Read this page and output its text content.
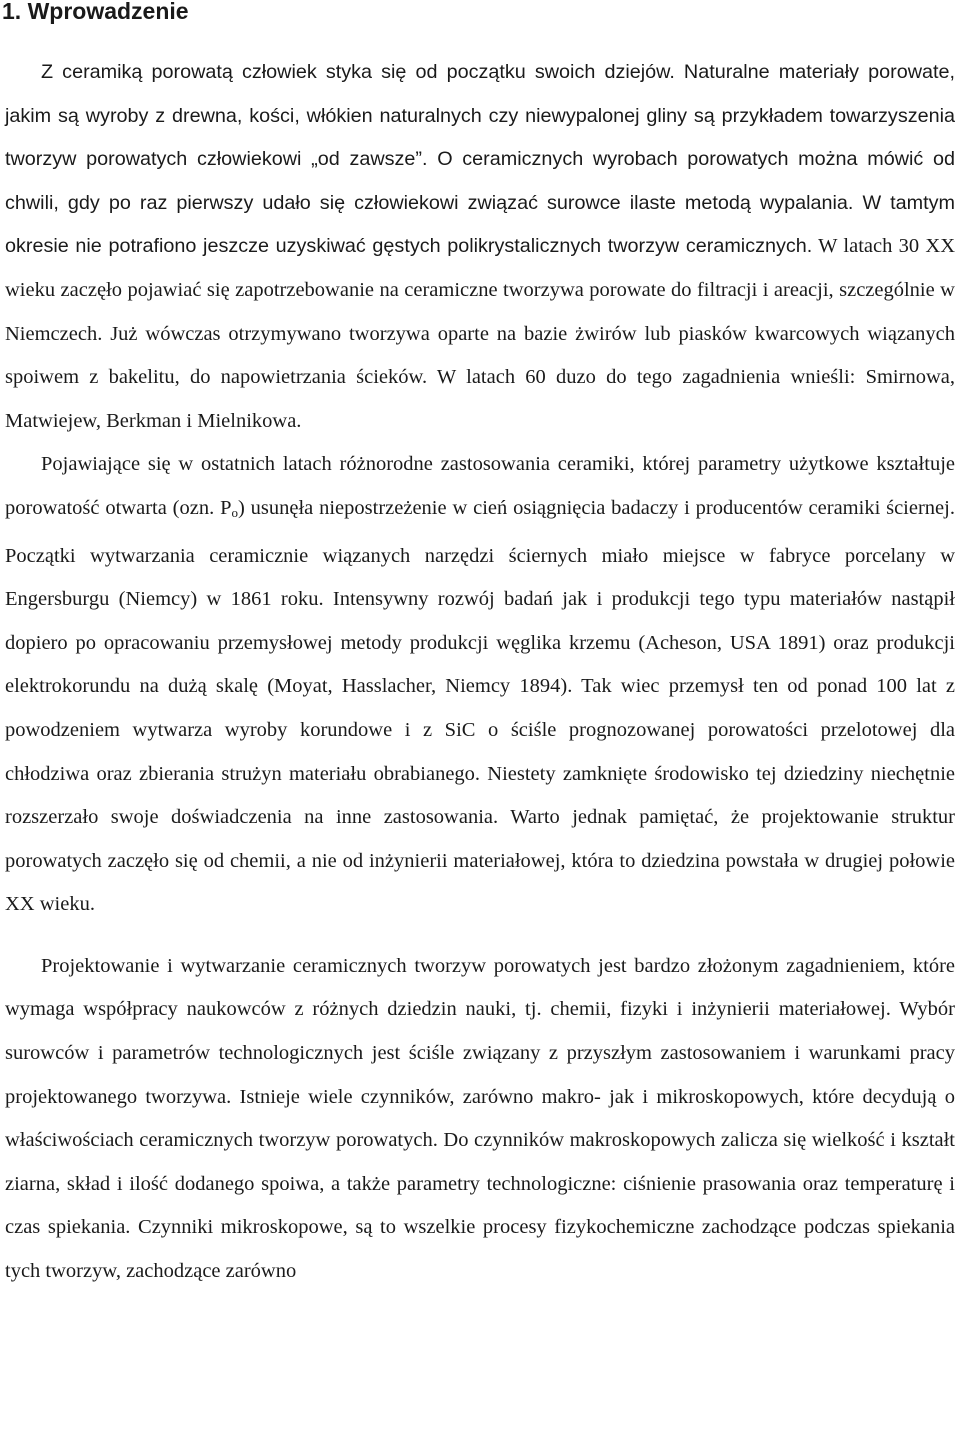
1. Wprowadzenie

Z ceramiką porowatą człowiek styka się od początku swoich dziejów. Naturalne materiały porowate, jakim są wyroby z drewna, kości, włókien naturalnych czy niewypalonej gliny są przykładem towarzyszenia tworzyw porowatych człowiekowi „od zawsze”. O ceramicznych wyrobach porowatych można mówić od chwili, gdy po raz pierwszy udało się człowiekowi związać surowce ilaste metodą wypalania. W tamtym okresie nie potrafiono jeszcze uzyskiwać gęstych polikrystalicznych tworzyw ceramicznych. W latach 30 XX wieku zaczęło pojawiać się zapotrzebowanie na ceramiczne tworzywa porowate do filtracji i areacji, szczególnie w Niemczech. Już wówczas otrzymywano tworzywa oparte na bazie żwirów lub piasków kwarcowych wiązanych spoiwem z bakelitu, do napowietrzania ścieków. W latach 60 duzo do tego zagadnienia wnieśli: Smirnowa, Matwiejew, Berkman i Mielnikowa.

Pojawiające się w ostatnich latach różnorodne zastosowania ceramiki, której parametry użytkowe kształtuje porowatość otwarta (ozn. $P_o$) usunęła niepostrzeżenie w cień osiągnięcia badaczy i producentów ceramiki ściernej. Początki wytwarzania ceramicznie wiązanych narzędzi ściernych miało miejsce w fabryce porcelany w Engersburgu (Niemcy) w 1861 roku. Intensywny rozwój badań jak i produkcji tego typu materiałów nastąpił dopiero po opracowaniu przemysłowej metody produkcji węglika krzemu (Acheson, USA 1891) oraz produkcji elektrokorundu na dużą skalę (Moyat, Hasslacher, Niemcy 1894). Tak wiec przemysł ten od ponad 100 lat z powodzeniem wytwarza wyroby korundowe i z SiC o ściśle prognozowanej porowatości przelotowej dla chłodziwa oraz zbierania strużyn materiału obrabianego. Niestety zamknięte środowisko tej dziedziny niechętnie rozszerzało swoje doświadczenia na inne zastosowania. Warto jednak pamiętać, że projektowanie struktur porowatych zaczęło się od chemii, a nie od inżynierii materiałowej, która to dziedzina powstała w drugiej połowie XX wieku.

Projektowanie i wytwarzanie ceramicznych tworzyw porowatych jest bardzo złożonym zagadnieniem, które wymaga współpracy naukowców z różnych dziedzin nauki, tj. chemii, fizyki i inżynierii materiałowej. Wybór surowców i parametrów technologicznych jest ściśle związany z przyszłym zastosowaniem i warunkami pracy projektowanego tworzywa. Istnieje wiele czynników, zarówno makro- jak i mikroskopowych, które decydują o właściwościach ceramicznych tworzyw porowatych. Do czynników makroskopowych zalicza się wielkość i kształt ziarna, skład i ilość dodanego spoiwa, a także parametry technologiczne: ciśnienie prasowania oraz temperaturę i czas spiekania. Czynniki mikroskopowe, są to wszelkie procesy fizykochemiczne zachodzące podczas spiekania tych tworzyw, zachodzące zarówno
